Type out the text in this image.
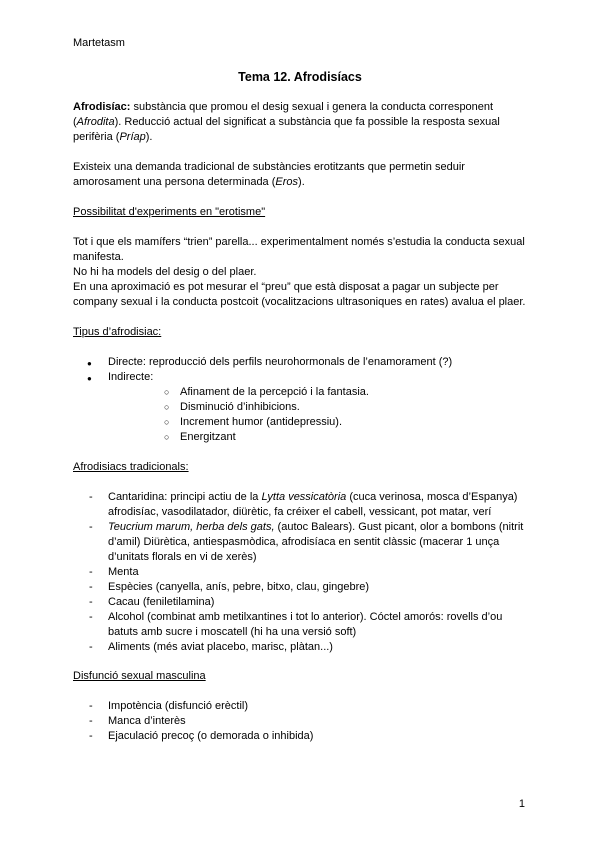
Martetasm
Tema 12. Afrodisíacs

Afrodisíac: substància que promou el desig sexual i genera la conducta corresponent (Afrodita). Reducció actual del significat a substància que fa possible la resposta sexual perifèria (Príap).

Existeix una demanda tradicional de substàncies erotitzants que permetin seduir amorosament una persona determinada (Eros).

Possibilitat d'experiments en "erotisme"

Tot i que els mamífers “trien” parella... experimentalment només s’estudia la conducta sexual manifesta.

No hi ha models del desig o del plaer.

En una aproximació es pot mesurar el “preu” que està disposat a pagar un subjecte per company sexual i la conducta postcoit (vocalitzacions ultrasoniques en rates) avalua el plaer.

Tipus d’afrodisiac:

● Directe: reproducció dels perfils neurohormonals de l’enamorament (?)
● Indirecte:
○ Afinament de la percepció i la fantasia.
○ Disminució d’inhibicions.
○ Increment humor (antidepressiu).
○ Energitzant

Afrodisiacs tradicionals:

- Cantaridina: principi actiu de la Lytta vessicatòria (cuca verinosa, mosca d’Espanya) afrodisíac, vasodilatador, diürètic, fa créixer el cabell, vessicant, pot matar, verí
- Teucrium marum, herba dels gats, (autoc Balears). Gust picant, olor a bombons (nitrit d’amil) Diürètica, antiespasmòdica, afrodisíaca en sentit clàssic (macerar 1 unça d’unitats florals en vi de xerès)
- Menta
- Espècies (canyella, anís, pebre, bitxo, clau, gingebre)
- Cacau (feniletilamina)
- Alcohol (combinat amb metilxantines i tot lo anterior). Cóctel amorós: rovells d’ou batuts amb sucre i moscatell (hi ha una versió soft)
- Aliments (més aviat placebo, marisc, plàtan...)

Disfunció sexual masculina

- Impotència (disfunció erèctil)
- Manca d’interès
- Ejaculació precoç (o demorada o inhibida)
1
